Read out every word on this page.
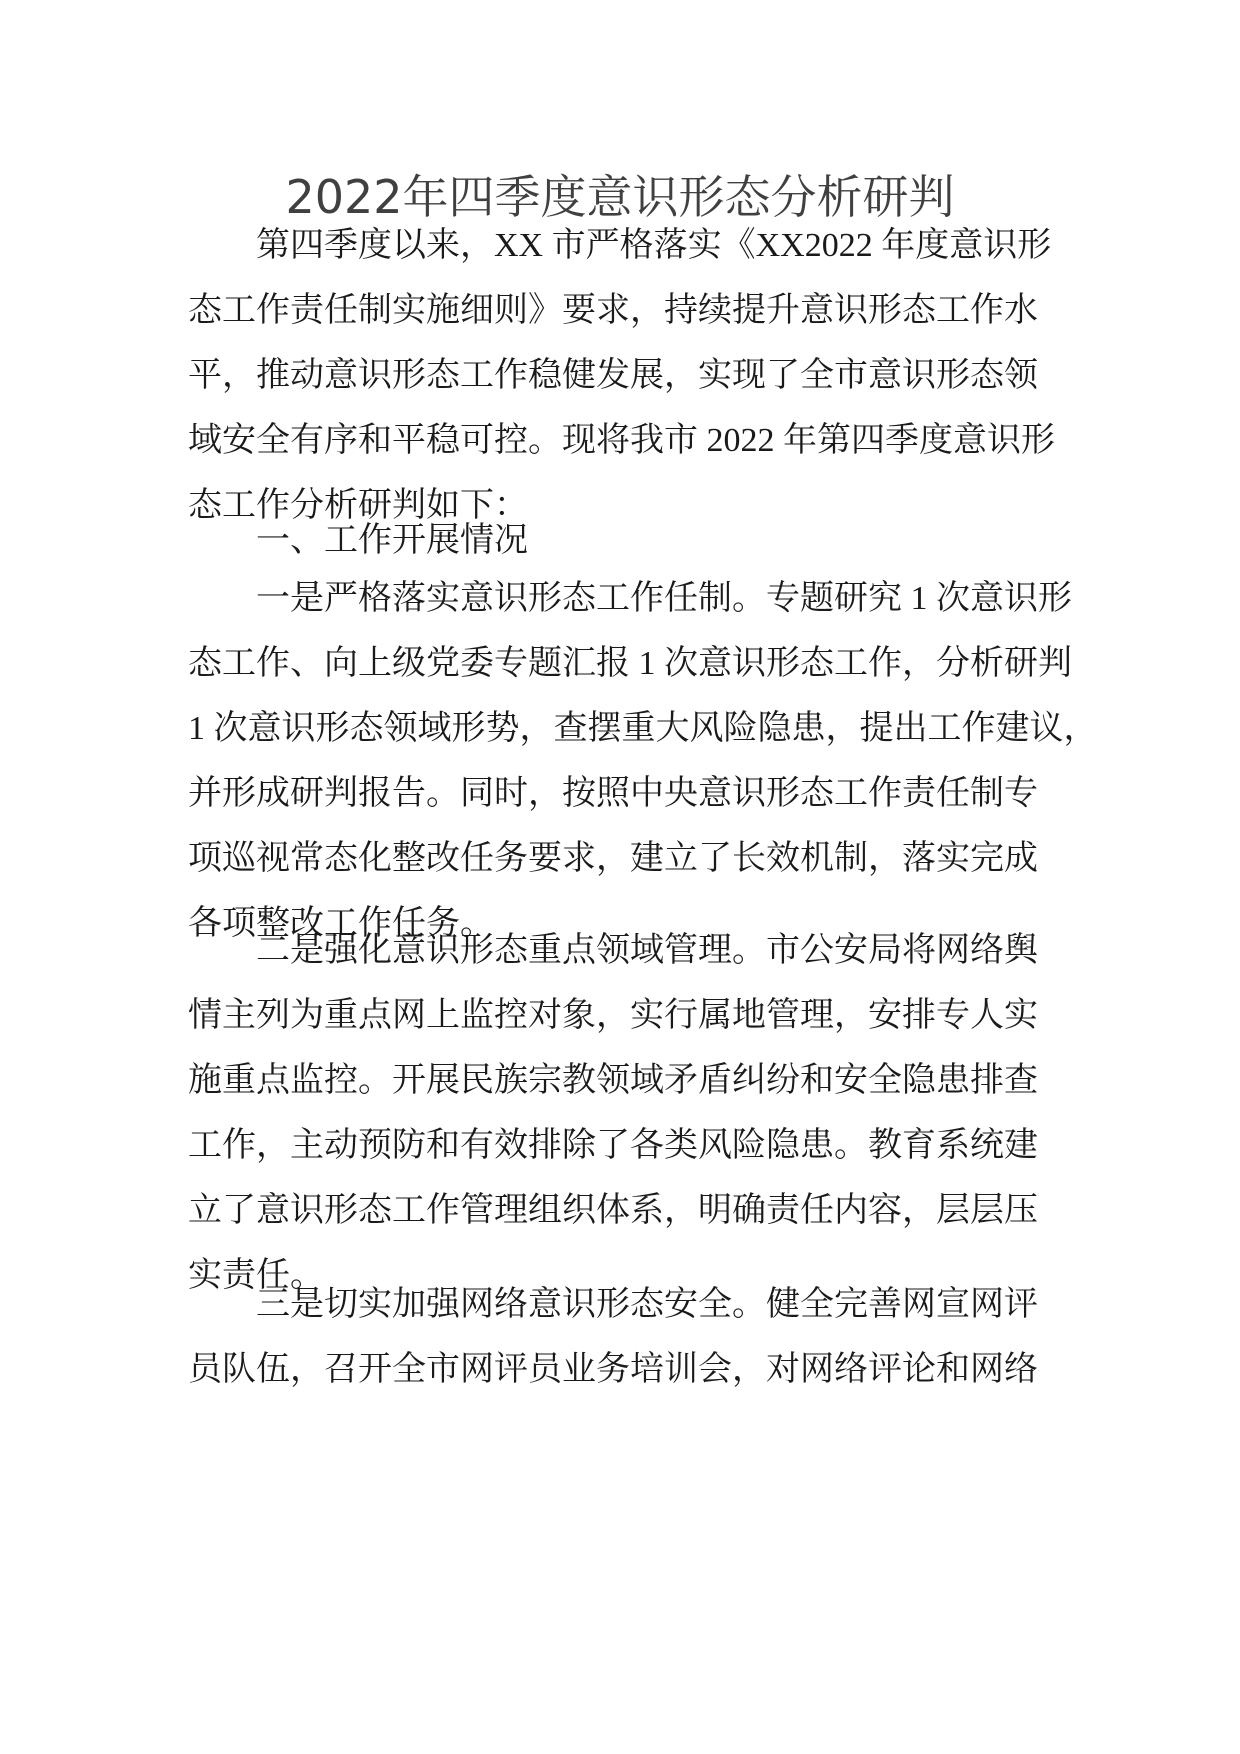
2022年四季度意识形态分析研判
第四季度以来，XX 市严格落实《XX2022 年度意识形
态工作责任制实施细则》要求，持续提升意识形态工作水
平，推动意识形态工作稳健发展，实现了全市意识形态领
域安全有序和平稳可控。现将我市 2022 年第四季度意识形
态工作分析研判如下：
一、工作开展情况
一是严格落实意识形态工作任制。专题研究 1 次意识形
态工作、向上级党委专题汇报 1 次意识形态工作，分析研判
1 次意识形态领域形势，查摆重大风险隐患，提出工作建议，
并形成研判报告。同时，按照中央意识形态工作责任制专
项巡视常态化整改任务要求，建立了长效机制，落实完成
各项整改工作任务。
二是强化意识形态重点领域管理。市公安局将网络舆
情主列为重点网上监控对象，实行属地管理，安排专人实
施重点监控。开展民族宗教领域矛盾纠纷和安全隐患排查
工作，主动预防和有效排除了各类风险隐患。教育系统建
立了意识形态工作管理组织体系，明确责任内容，层层压
实责任。
三是切实加强网络意识形态安全。健全完善网宣网评
员队伍，召开全市网评员业务培训会，对网络评论和网络
